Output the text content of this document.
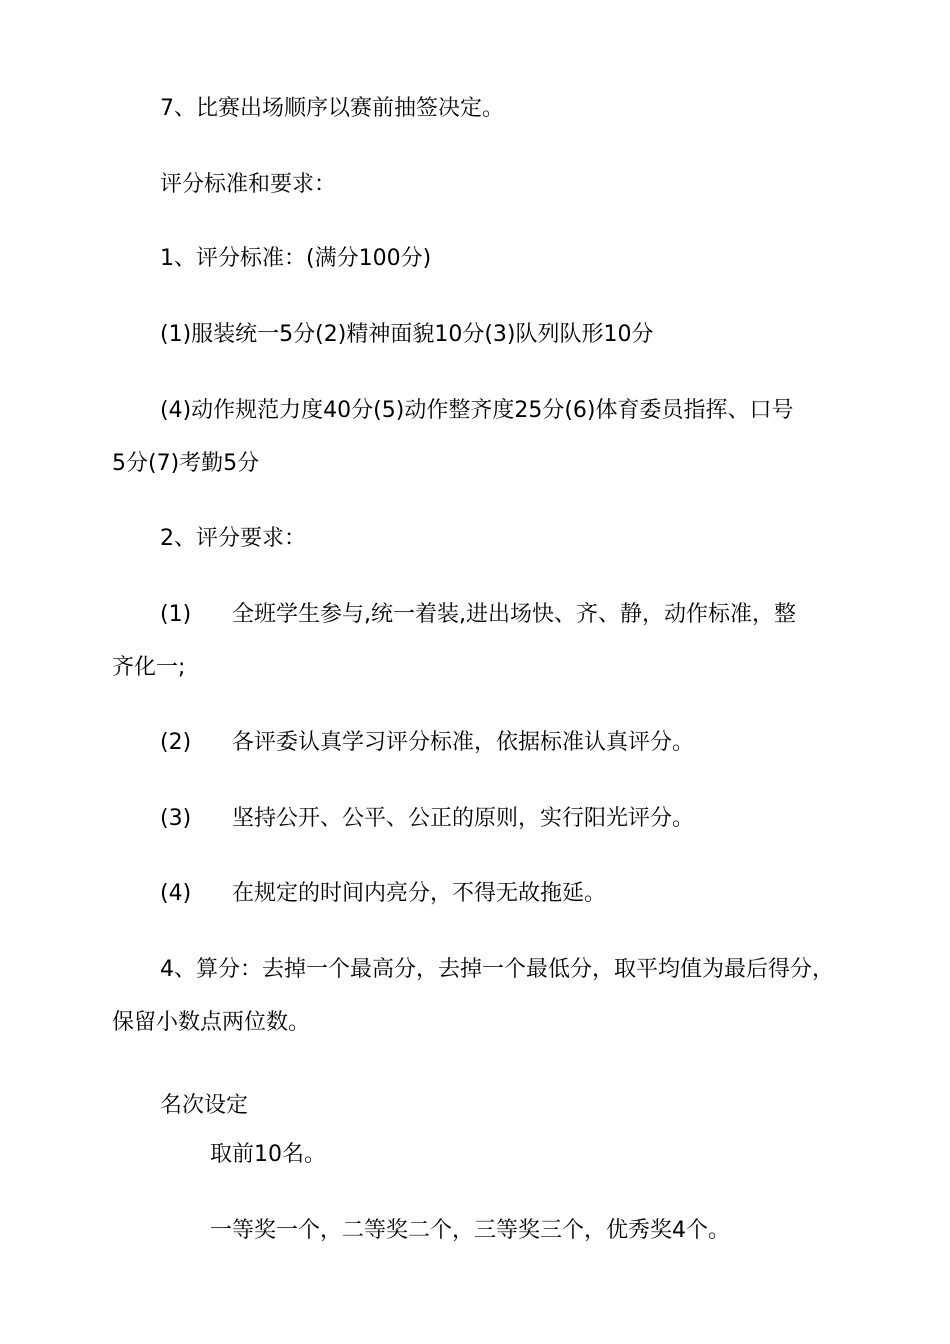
7、比赛出场顺序以赛前抽签决定。
评分标准和要求：
1、评分标准：(满分100分)
(1)服装统一5分(2)精神面貌10分(3)队列队形10分
(4)动作规范力度40分(5)动作整齐度25分(6)体育委员指挥、口号
5分(7)考勤5分
2、评分要求：
(1) 全班学生参与,统一着装,进出场快、齐、静，动作标准，整
齐化一;
(2) 各评委认真学习评分标准，依据标准认真评分。
(3) 坚持公开、公平、公正的原则，实行阳光评分。
(4) 在规定的时间内亮分，不得无故拖延。
4、算分：去掉一个最高分，去掉一个最低分，取平均值为最后得分，
保留小数点两位数。
名次设定
取前10名。
一等奖一个，二等奖二个，三等奖三个，优秀奖4个。
